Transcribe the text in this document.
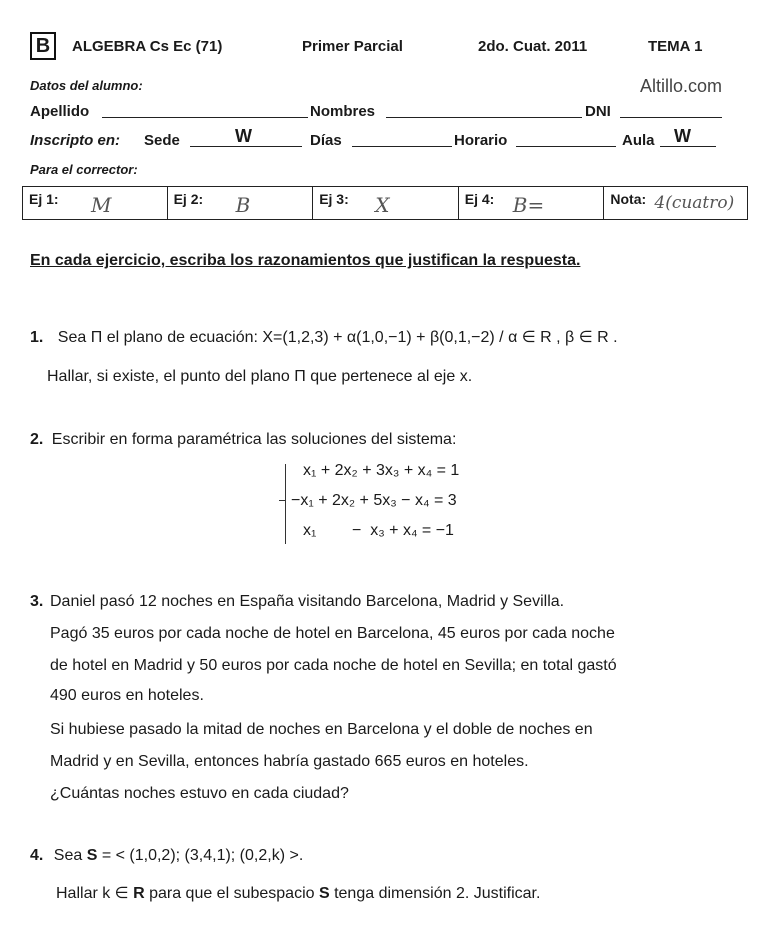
B	ALGEBRA Cs Ec (71)	Primer Parcial	2do. Cuat. 2011	TEMA 1
Datos del alumno:	Altillo.com
Apellido	Nombres	DNI
Inscripto en: Sede	W	Días	Horario	Aula W
Para el corrector:
Ej 1: M	Ej 2: B	Ej 3: X	Ej 4: B=	Nota: 4(cuatro)
En cada ejercicio, escriba los razonamientos que justifican la respuesta.
1. Sea Π el plano de ecuación: X=(1,2,3) + α(1,0,−1) + β(0,1,−2) / α ∈ R , β ∈ R .
Hallar, si existe, el punto del plano Π que pertenece al eje x.
2. Escribir en forma paramétrica las soluciones del sistema:
x₁ + 2x₂ + 3x₃ + x₄ = 1
−x₁ + 2x₂ + 5x₃ − x₄ = 3
x₁        −  x₃ + x₄ = −1
3. Daniel pasó 12 noches en España visitando Barcelona, Madrid y Sevilla.
Pagó 35 euros por cada noche de hotel en Barcelona, 45 euros por cada noche
de hotel en Madrid y 50 euros por cada noche de hotel en Sevilla; en total gastó
490 euros en hoteles.
Si hubiese pasado la mitad de noches en Barcelona y el doble de noches en
Madrid y en Sevilla, entonces habría gastado 665 euros en hoteles.
¿Cuántas noches estuvo en cada ciudad?
4. Sea S = < (1,0,2); (3,4,1); (0,2,k) >.
Hallar k ∈ R para que el subespacio S tenga dimensión 2. Justificar.
